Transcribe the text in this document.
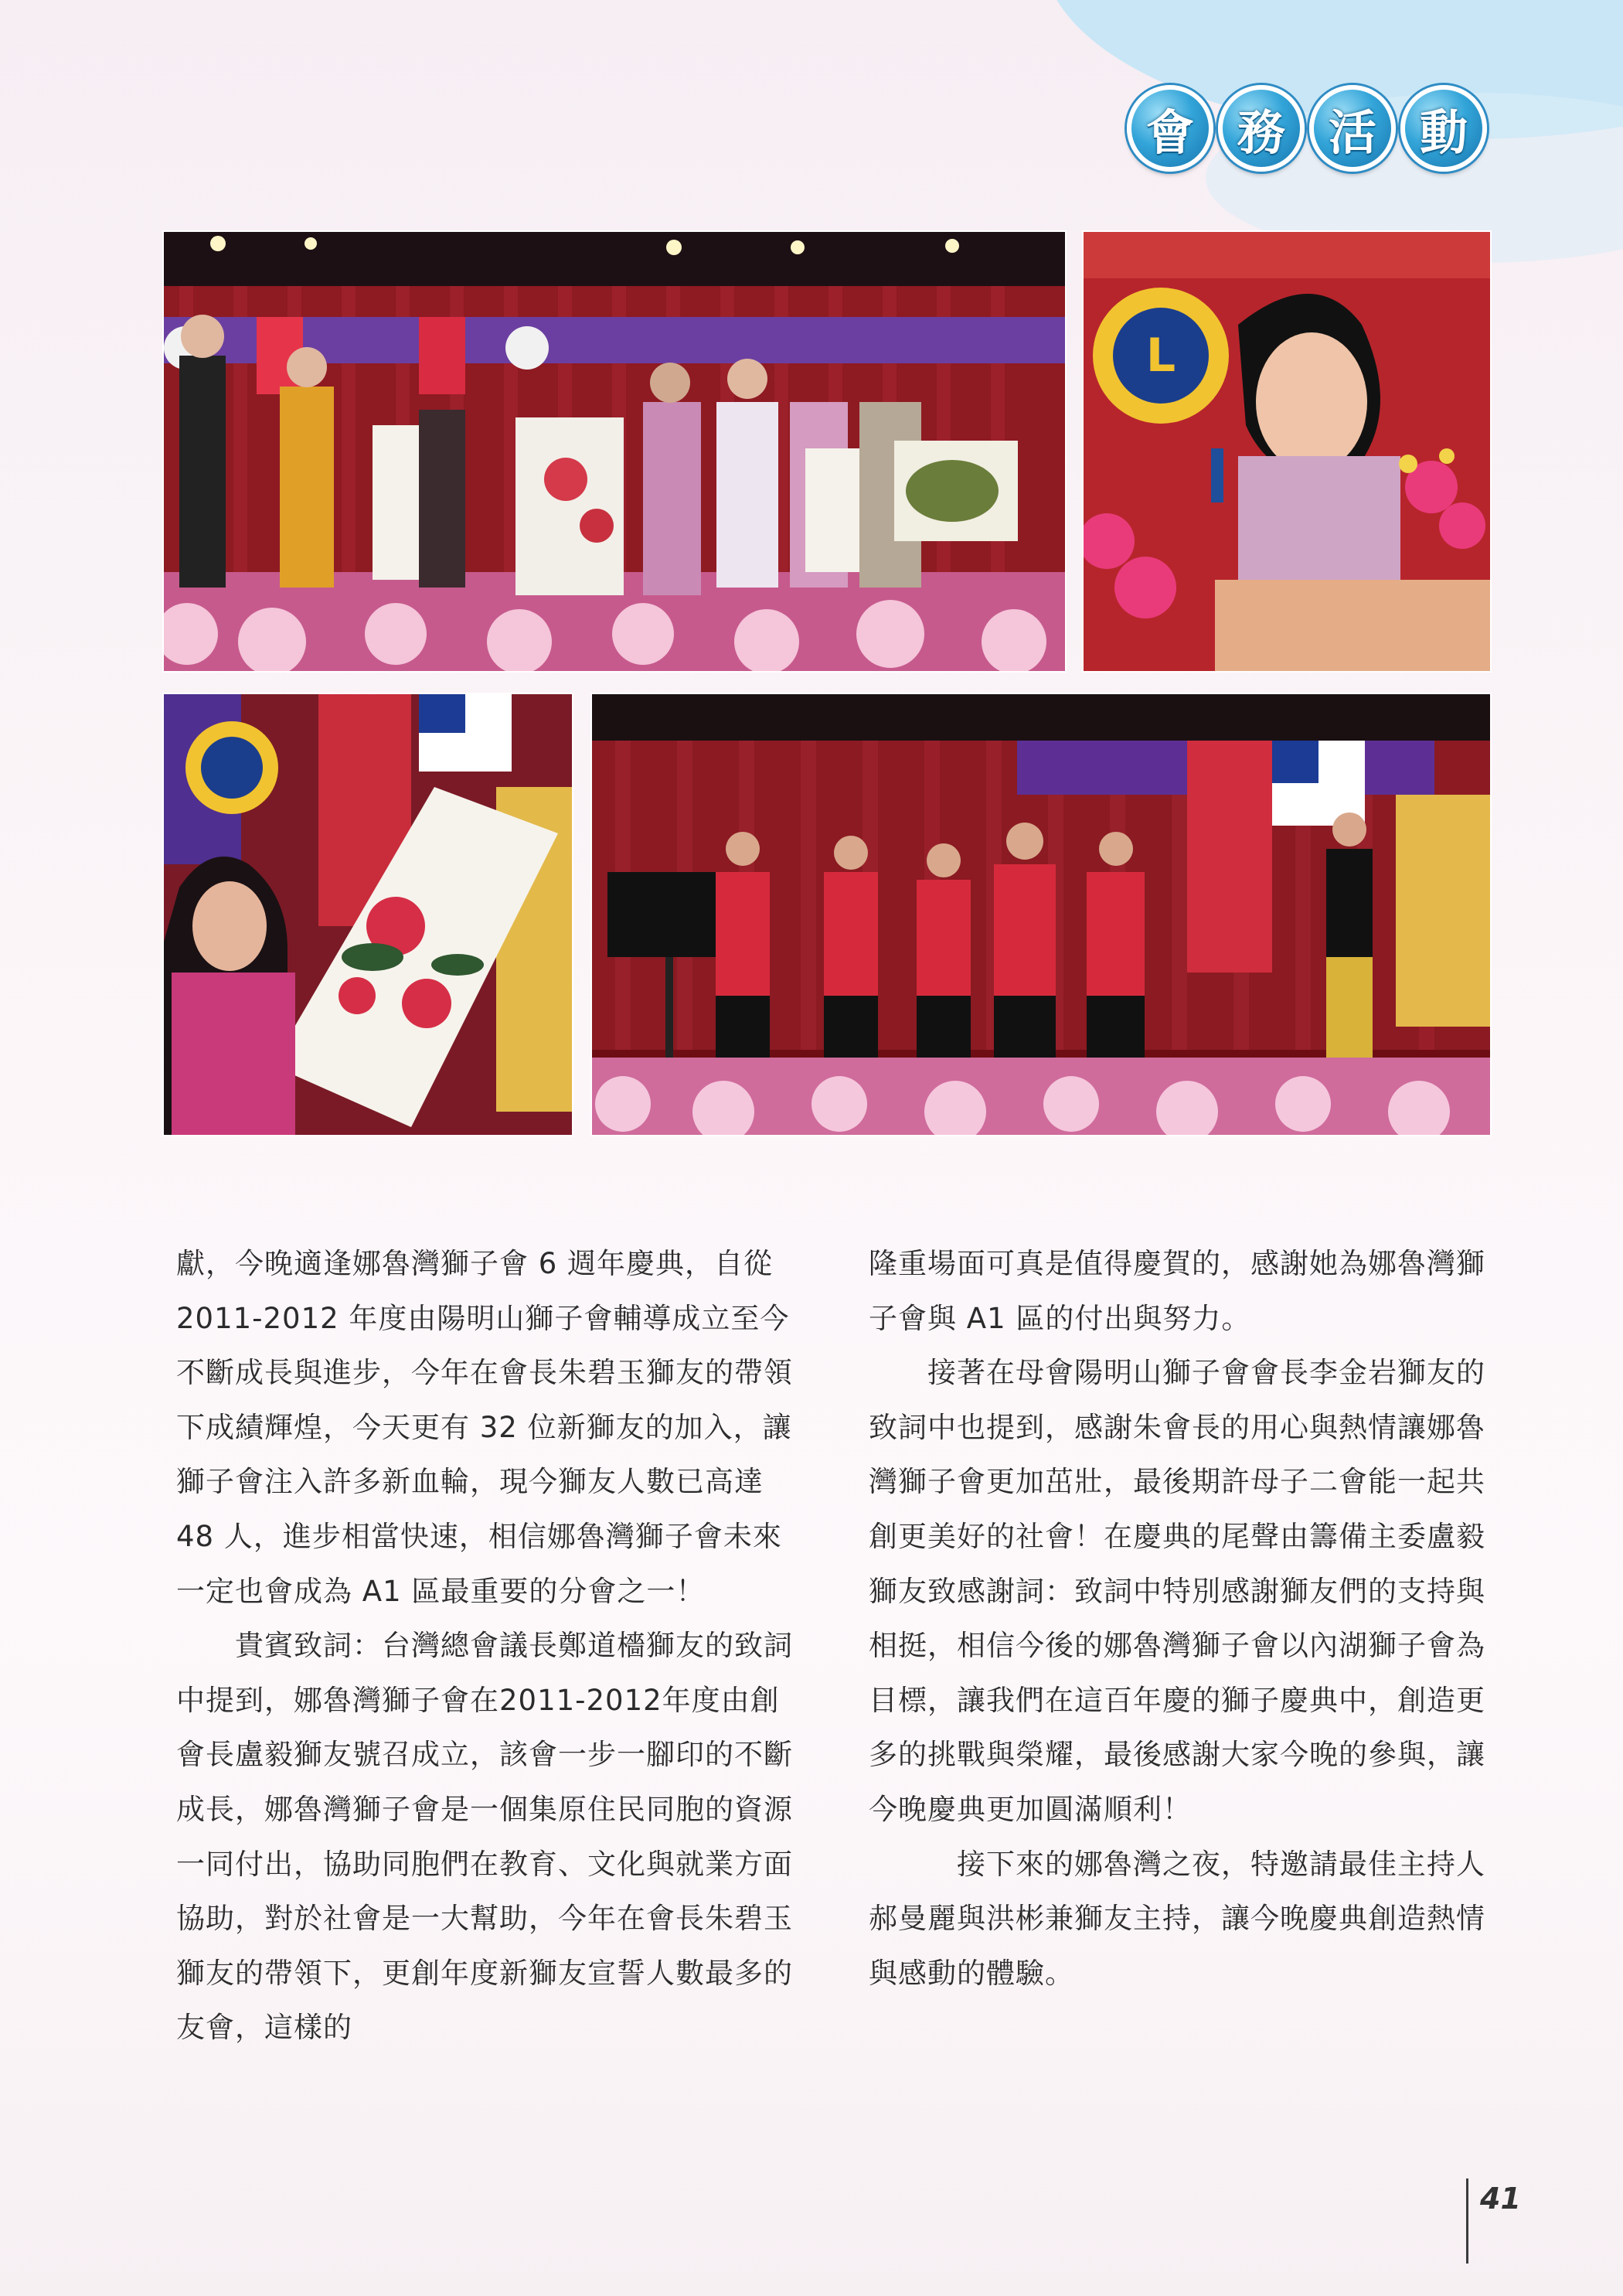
會 務 活 動
L

獻，今晚適逢娜魯灣獅子會 6 週年慶典，自從 2011-2012 年度由陽明山獅子會輔導成立至今不斷成長與進步，今年在會長朱碧玉獅友的帶領下成績輝煌，今天更有 32 位新獅友的加入，讓獅子會注入許多新血輪，現今獅友人數已高達 48 人，進步相當快速，相信娜魯灣獅子會未來一定也會成為 A1 區最重要的分會之一！

　　貴賓致詞：台灣總會議長鄭道檣獅友的致詞中提到，娜魯灣獅子會在2011-2012年度由創會長盧毅獅友號召成立，該會一步一腳印的不斷成長，娜魯灣獅子會是一個集原住民同胞的資源一同付出，協助同胞們在教育、文化與就業方面協助，對於社會是一大幫助，今年在會長朱碧玉獅友的帶領下，更創年度新獅友宣誓人數最多的友會，這樣的

隆重場面可真是值得慶賀的，感謝她為娜魯灣獅子會與 A1 區的付出與努力。

　　接著在母會陽明山獅子會會長李金岩獅友的致詞中也提到，感謝朱會長的用心與熱情讓娜魯灣獅子會更加茁壯，最後期許母子二會能一起共創更美好的社會！在慶典的尾聲由籌備主委盧毅獅友致感謝詞：致詞中特別感謝獅友們的支持與相挺，相信今後的娜魯灣獅子會以內湖獅子會為目標，讓我們在這百年慶的獅子慶典中，創造更多的挑戰與榮耀，最後感謝大家今晚的參與，讓今晚慶典更加圓滿順利！

　　　接下來的娜魯灣之夜，特邀請最佳主持人郝曼麗與洪彬兼獅友主持，讓今晚慶典創造熱情與感動的體驗。

41
